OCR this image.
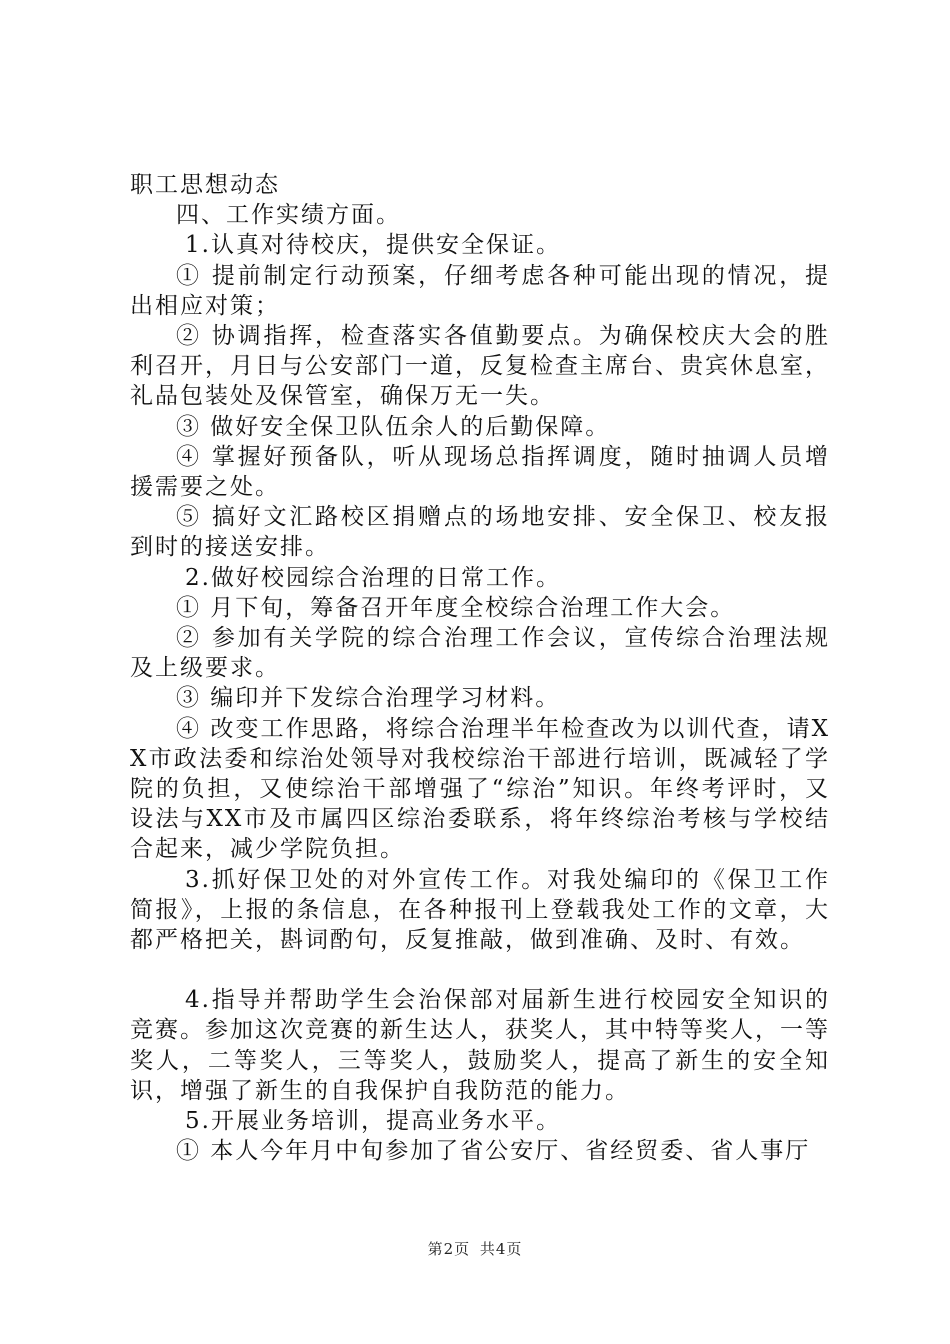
职工思想动态

四、工作实绩方面。

1.认真对待校庆，提供安全保证。

① 提前制定行动预案，仔细考虑各种可能出现的情况，提出相应对策；

② 协调指挥，检查落实各值勤要点。为确保校庆大会的胜利召开，月日与公安部门一道，反复检查主席台、贵宾休息室，礼品包装处及保管室，确保万无一失。

③ 做好安全保卫队伍余人的后勤保障。

④ 掌握好预备队，听从现场总指挥调度，随时抽调人员增援需要之处。

⑤ 搞好文汇路校区捐赠点的场地安排、安全保卫、校友报到时的接送安排。

2.做好校园综合治理的日常工作。

① 月下旬，筹备召开年度全校综合治理工作大会。

② 参加有关学院的综合治理工作会议，宣传综合治理法规及上级要求。

③ 编印并下发综合治理学习材料。

④ 改变工作思路，将综合治理半年检查改为以训代查，请XX市政法委和综治处领导对我校综治干部进行培训，既减轻了学院的负担，又使综治干部增强了“综治”知识。年终考评时，又设法与XX市及市属四区综治委联系，将年终综治考核与学校结合起来，减少学院负担。

3.抓好保卫处的对外宣传工作。对我处编印的《保卫工作简报》，上报的条信息，在各种报刊上登载我处工作的文章，大都严格把关，斟词酌句，反复推敲，做到准确、及时、有效。

4.指导并帮助学生会治保部对届新生进行校园安全知识的竞赛。参加这次竞赛的新生达人，获奖人，其中特等奖人，一等奖人，二等奖人，三等奖人，鼓励奖人，提高了新生的安全知识，增强了新生的自我保护自我防范的能力。

5.开展业务培训，提高业务水平。

① 本人今年月中旬参加了省公安厅、省经贸委、省人事厅

第2页 共4页
